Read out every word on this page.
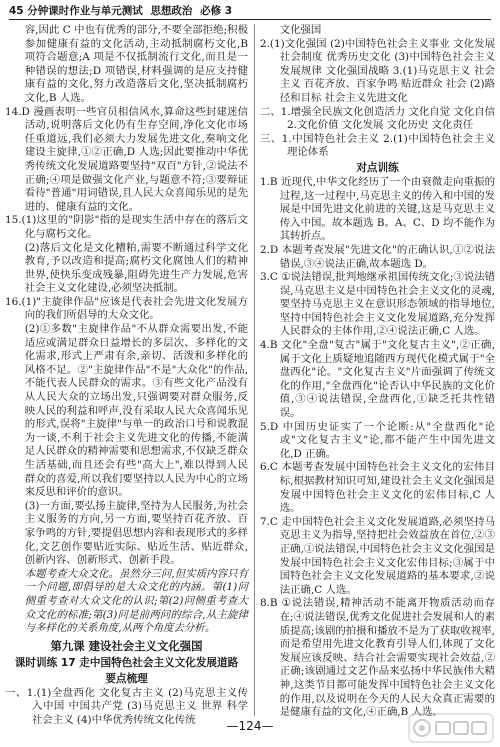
45 分钟课时作业与单元测试 思想政治 必修 3

容,因此 C 中也有优秀的部分,不要全部拒绝;积极参加健康有益的文化活动,主动抵制腐朽文化,B 项符合题意;A 项是不仅抵制流行文化,而且是一种错误的想法;D 项错误,材料强调的是应支持健康有益的文化,努力改造落后文化,坚决抵制腐朽文化,B 人选。

14.D 漫画表明一些官员相信风水,算命这些封建迷信活动,说明落后文化仍有生存空间,净化文化市场任重道远,我们必须大力发展先进文化,奏响文化建设主旋律,①②正确,D 人选;因此要推动中华优秀传统文化发展道路要坚持"双百"方针,②说法不正确;④项是做强文化产业,与题意不符;③要辩证看待"普通"用词错误,且人民大众喜闻乐见的是先进的、健康有益的文化。

15.(1)这里的"阴影"指的是现实生活中存在的落后文化与腐朽文化。

(2)落后文化是文化糟粕,需要不断通过科学文化教育,予以改造和提高;腐朽文化腐蚀人们的精神世界,使快乐变成残暴,阻碍先进生产力发展,危害社会主义文化建设,必须坚决抵制。

16.(1)"主旋律作品"应该是代表社会先进文化发展方向的我们所倡导的大众文化。

(2)①多数"主旋律作品"不从群众需要出发,不能适应或满足群众日益增长的多层次、多样化的文化需求,形式上严肃有余,亲切、活泼和多样化的风格不足。②"主旋律作品"不是"大众化"的作品,不能代表人民群众的需求。③有些文化产品没有从人民大众的立场出发,只强调要对群众服务,反映人民的利益和呼声,没有采取人民大众喜闻乐见的形式,误将"主旋律"与单一的政治口号和说教混为一谈,不利于社会主义先进文化的传播,不能满足人民群众的精神需要和思想需求,不仅缺乏群众生活基础,而且还会有些"高大上",难以得到人民群众的喜爱,所以我们要坚持以人民为中心的立场来反思和评价的意识。

(3)一方面,要弘扬主旋律,坚持为人民服务,为社会主义服务的方向,另一方面,要坚持百花齐放、百家争鸣的方针,要提倡思想内容和表现形式的多样化,文艺创作要贴近实际、贴近生活、贴近群众,创新内容、创新形式、创新手段。

本题考查大众文化。虽然分三问,但实质内容只有一个问题,即倡导的是大众文化的内涵。第(1)问侧重考查对大众文化的认识;第(2)问侧重考查大众文化的标准;第(3)问是前两问的综合,从主旋律与多样化的关系角度,从两个角度去分析。

第九课 建设社会主义文化强国

课时训练 17 走中国特色社会主义文化发展道路

要点梳理

一、1.(1)全盘西化 文化复古主义 (2)马克思主义传入中国 中国共产党 (3)马克思主义 世界 科学 社会主义 (4)中华优秀传统文化传统

文化强国

2.(1)文化强国 (2)中国特色社会主义事业 文化发展 社会制度 优秀历史文化 (3)中国特色社会主义发展规律 文化强国战略 3.(1)马克思主义 社会主义 百花齐放、百家争鸣 贴近群众 社会 (2)路径和目标 社会主义先进文化

二、1.增强全民族文化创造活力 文化自觉 文化自信 2.文化价值 文化发展 文化历史 文化责任

三、1.中国特色社会主义 2.(1)中国特色社会主义理论体系

对点训练

1.B 近现代,中华文化经历了一个由衰微走向重振的过程,这一过程中,马克思主义的传入和中国的发展是中国先进文化前进的关键,这是马克思主义传入中国。故本题选 B。A、C、D 均不能作为其转折点。

2.D 本题考查发展"先进文化"的正确认识,①②说法错误,③④说法正确,故本题选 D。

3.C ①说法错误,批判地继承祖国传统文化;③说法错误,马克思主义是中国特色社会主义文化的灵魂,要坚持马克思主义在意识形态领域的指导地位,坚持中国特色社会主义文化发展道路,充分发挥人民群众的主体作用,②④说法正确,C 人选。

4.B 文化"全盘"复古"属于"文化复古主义",②正确,属于文化上质疑地追随西方现代化模式属于"全盘西化"论。"文化复古主义"片面强调了传统文化的作用,"全盘西化"论否认中华民族的文化价值,③④说法错误,全盘西化,①缺乏托共性错误。

5.D 中国历史证实了一个论断:从"全盘西化"论或"文化复古主义"论,都不能产生中国先进文化,D 正确。

6.C 本题考查发展中国特色社会主义文化的宏伟目标,根据教材知识可知,建设社会主义文化强国是发展中国特色社会主义文化的宏伟目标,C 人选。

7.C 走中国特色社会主义文化发展道路,必须坚持马克思主义为指导,坚持把社会效益放在首位,②③正确,①说法错误,中国特色社会主义文化强国是发展中国特色社会主义文化宏伟目标;③属于中国特色社会主义文化发展道路的基本要求,②说法正确,C 人选。

8.B ①说法错误,精神活动不能离开物质活动而存在;④说法错误,优秀文化促进社会发展和人的素质提高;该剧的拍摄和播放不是为了获取收视率,而是希望用先进文化教育引导人们,体现了文化发展应该反映、结合社会需要实现社会效益,②正确;该剧通过文艺作品来弘扬中华民族伟大精神,这类节目都可能发挥中国特色社会主义文化的作用,以及说明在今天的人民大众真正需要的是健康有益的文化,④正确,B 人选。

—124—
